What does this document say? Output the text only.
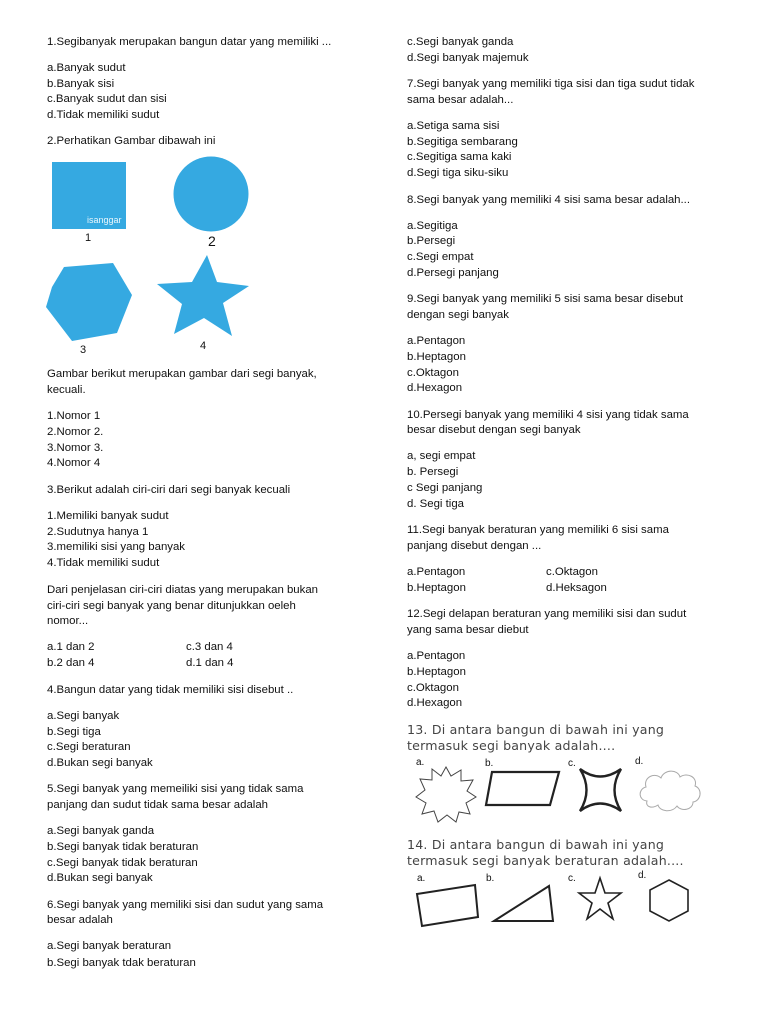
1.Segibanyak merupakan bangun datar yang memiliki ...
a.Banyak sudut
b.Banyak sisi
c.Banyak sudut dan sisi
d.Tidak memiliki sudut
2.Perhatikan Gambar dibawah ini
isanggar
1	2
3	4
Gambar berikut merupakan gambar dari segi banyak,
kecuali.
1.Nomor 1
2.Nomor 2.
3.Nomor 3.
4.Nomor 4
3.Berikut adalah ciri-ciri dari segi banyak kecuali
1.Memiliki banyak sudut
2.Sudutnya hanya 1
3.memiliki sisi yang banyak
4.Tidak memiliki sudut
Dari penjelasan ciri-ciri diatas yang merupakan bukan
ciri-ciri segi banyak yang benar ditunjukkan oeleh
nomor...
a.1 dan 2	c.3 dan 4
b.2 dan 4	d.1 dan 4
4.Bangun datar yang tidak memiliki sisi disebut ..
a.Segi banyak
b.Segi tiga
c.Segi beraturan
d.Bukan segi banyak
5.Segi banyak yang memeiliki sisi yang tidak sama
panjang dan sudut tidak sama besar adalah
a.Segi banyak ganda
b.Segi banyak tidak beraturan
c.Segi banyak tidak beraturan
d.Bukan segi banyak
6.Segi banyak yang memiliki sisi dan sudut yang sama
besar adalah
a.Segi banyak beraturan
b.Segi banyak tdak beraturan
c.Segi banyak ganda
d.Segi banyak majemuk
7.Segi banyak yang memiliki tiga sisi dan tiga sudut tidak
sama besar adalah...
a.Setiga sama sisi
b.Segitiga sembarang
c.Segitiga sama kaki
d.Segi tiga siku-siku
8.Segi banyak yang memiliki 4 sisi sama besar adalah...
a.Segitiga
b.Persegi
c.Segi empat
d.Persegi panjang
9.Segi banyak yang memiliki 5 sisi sama besar disebut
dengan segi banyak
a.Pentagon
b.Heptagon
c.Oktagon
d.Hexagon
10.Persegi banyak yang memiliki 4 sisi yang tidak sama
besar disebut dengan segi banyak
a, segi empat
b. Persegi
c Segi panjang
d. Segi tiga
11.Segi banyak beraturan yang memiliki 6 sisi sama
panjang disebut dengan ...
a.Pentagon	c.Oktagon
b.Heptagon	d.Heksagon
12.Segi delapan beraturan yang memiliki sisi dan sudut
yang sama besar diebut
a.Pentagon
b.Heptagon
c.Oktagon
d.Hexagon
13. Di antara bangun di bawah ini yang
termasuk segi banyak adalah....
a.	b.	c.	d.
14. Di antara bangun di bawah ini yang
termasuk segi banyak beraturan adalah....
a.	b.	c.	d.
